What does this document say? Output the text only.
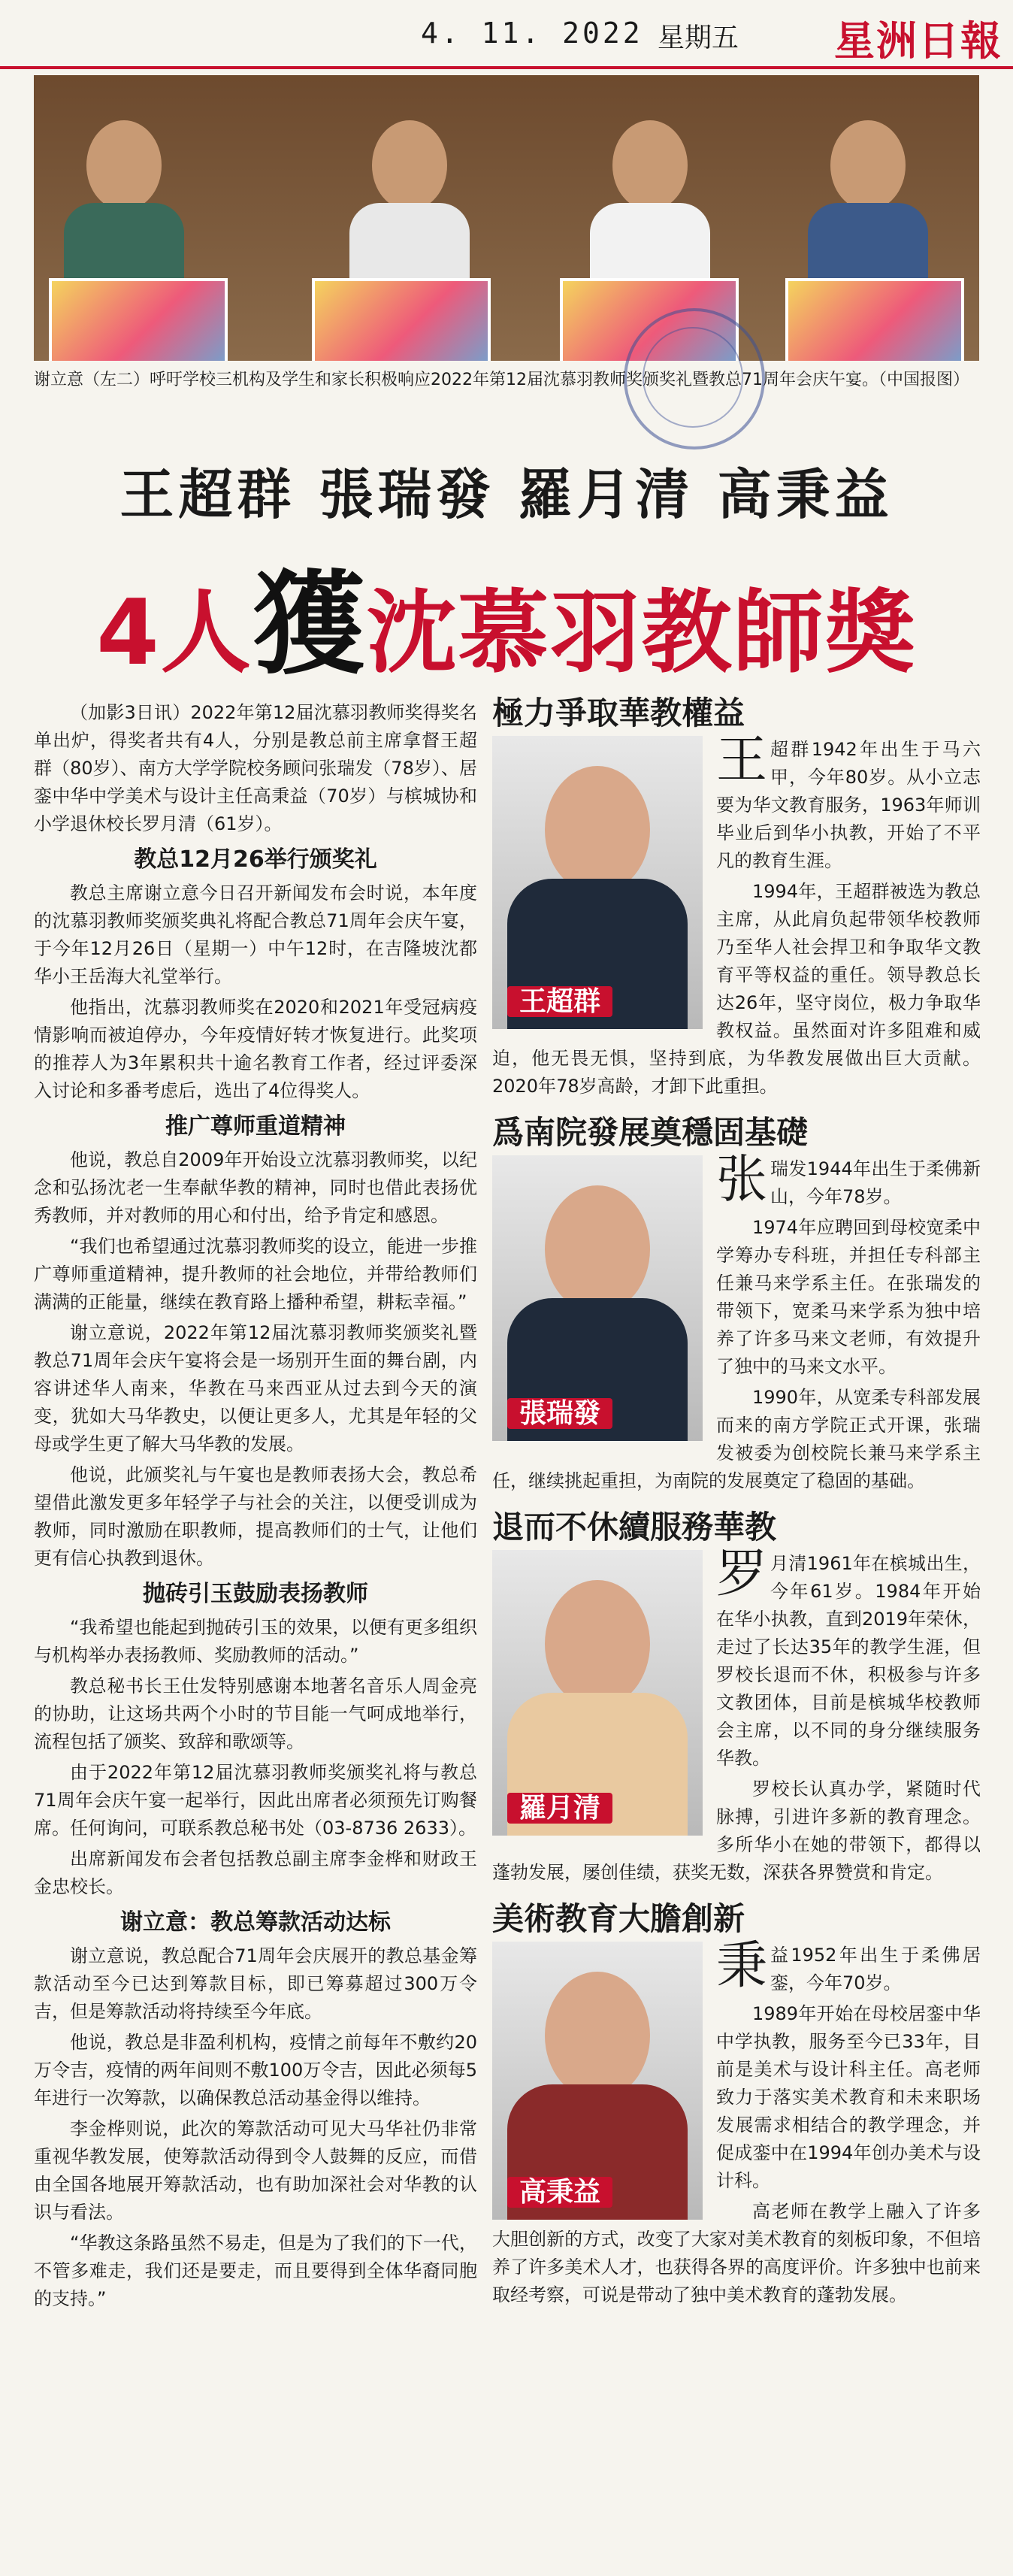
4. 11. 2022 星期五 星洲日報
谢立意（左二）呼吁学校三机构及学生和家长积极响应2022年第12届沈慕羽教师奖颁奖礼暨教总71周年会庆午宴。（中国报图）
王超群 張瑞發 羅月清 高秉益
4人獲沈慕羽教師獎

（加影3日讯）2022年第12届沈慕羽教师奖得奖名单出炉，得奖者共有4人，分别是教总前主席拿督王超群（80岁）、南方大学学院校务顾问张瑞发（78岁）、居銮中华中学美术与设计主任高秉益（70岁）与槟城协和小学退休校长罗月清（61岁）。

教总12月26举行颁奖礼

教总主席谢立意今日召开新闻发布会时说，本年度的沈慕羽教师奖颁奖典礼将配合教总71周年会庆午宴，于今年12月26日（星期一）中午12时，在吉隆坡沈都华小王岳海大礼堂举行。

他指出，沈慕羽教师奖在2020和2021年受冠病疫情影响而被迫停办，今年疫情好转才恢复进行。此奖项的推荐人为3年累积共十逾名教育工作者，经过评委深入讨论和多番考虑后，选出了4位得奖人。

推广尊师重道精神

他说，教总自2009年开始设立沈慕羽教师奖，以纪念和弘扬沈老一生奉献华教的精神，同时也借此表扬优秀教师，并对教师的用心和付出，给予肯定和感恩。

“我们也希望通过沈慕羽教师奖的设立，能进一步推广尊师重道精神，提升教师的社会地位，并带给教师们满满的正能量，继续在教育路上播种希望，耕耘幸福。”

谢立意说，2022年第12届沈慕羽教师奖颁奖礼暨教总71周年会庆午宴将会是一场别开生面的舞台剧，内容讲述华人南来，华教在马来西亚从过去到今天的演变，犹如大马华教史，以便让更多人，尤其是年轻的父母或学生更了解大马华教的发展。

他说，此颁奖礼与午宴也是教师表扬大会，教总希望借此激发更多年轻学子与社会的关注，以便受训成为教师，同时激励在职教师，提高教师们的士气，让他们更有信心执教到退休。

抛砖引玉鼓励表扬教师

“我希望也能起到抛砖引玉的效果，以便有更多组织与机构举办表扬教师、奖励教师的活动。”

教总秘书长王仕发特别感谢本地著名音乐人周金亮的协助，让这场共两个小时的节目能一气呵成地举行，流程包括了颁奖、致辞和歌颂等。

由于2022年第12届沈慕羽教师奖颁奖礼将与教总71周年会庆午宴一起举行，因此出席者必须预先订购餐席。任何询问，可联系教总秘书处（03-8736 2633）。

出席新闻发布会者包括教总副主席李金桦和财政王金忠校长。

谢立意：教总筹款活动达标

谢立意说，教总配合71周年会庆展开的教总基金筹款活动至今已达到筹款目标，即已筹募超过300万令吉，但是筹款活动将持续至今年底。

他说，教总是非盈利机构，疫情之前每年不敷约20万令吉，疫情的两年间则不敷100万令吉，因此必须每5年进行一次筹款，以确保教总活动基金得以维持。

李金桦则说，此次的筹款活动可见大马华社仍非常重视华教发展，使筹款活动得到令人鼓舞的反应，而借由全国各地展开筹款活动，也有助加深社会对华教的认识与看法。

“华教这条路虽然不易走，但是为了我们的下一代，不管多难走，我们还是要走，而且要得到全体华裔同胞的支持。”

極力爭取華教權益
王超群
王 超群1942年出生于马六甲，今年80岁。从小立志要为华文教育服务，1963年师训毕业后到华小执教，开始了不平凡的教育生涯。

1994年，王超群被选为教总主席，从此肩负起带领华校教师乃至华人社会捍卫和争取华文教育平等权益的重任。领导教总长达26年，坚守岗位，极力争取华教权益。虽然面对许多阻难和威迫，他无畏无惧，坚持到底，为华教发展做出巨大贡献。2020年78岁高龄，才卸下此重担。

爲南院發展奠穩固基礎
張瑞發
张 瑞发1944年出生于柔佛新山，今年78岁。

1974年应聘回到母校宽柔中学筹办专科班，并担任专科部主任兼马来学系主任。在张瑞发的带领下，宽柔马来学系为独中培养了许多马来文老师，有效提升了独中的马来文水平。

1990年，从宽柔专科部发展而来的南方学院正式开课，张瑞发被委为创校院长兼马来学系主任，继续挑起重担，为南院的发展奠定了稳固的基础。

退而不休續服務華教
羅月清
罗 月清1961年在槟城出生，今年61岁。1984年开始在华小执教，直到2019年荣休，走过了长达35年的教学生涯，但罗校长退而不休，积极参与许多文教团体，目前是槟城华校教师会主席，以不同的身分继续服务华教。

罗校长认真办学，紧随时代脉搏，引进许多新的教育理念。多所华小在她的带领下，都得以蓬勃发展，屡创佳绩，获奖无数，深获各界赞赏和肯定。

美術教育大膽創新
高秉益
秉 益1952年出生于柔佛居銮，今年70岁。

1989年开始在母校居銮中华中学执教，服务至今已33年，目前是美术与设计科主任。高老师致力于落实美术教育和未来职场发展需求相结合的教学理念，并促成銮中在1994年创办美术与设计科。

高老师在教学上融入了许多大胆创新的方式，改变了大家对美术教育的刻板印象，不但培养了许多美术人才，也获得各界的高度评价。许多独中也前来取经考察，可说是带动了独中美术教育的蓬勃发展。
